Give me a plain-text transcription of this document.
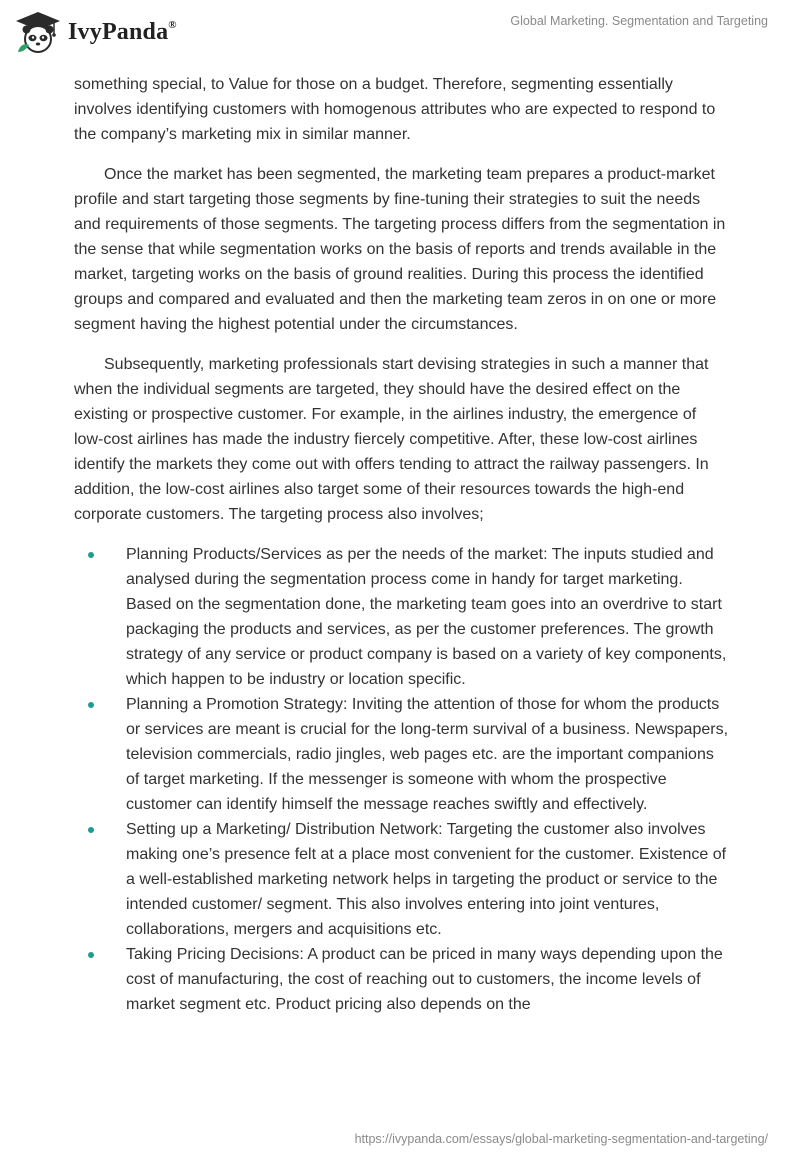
IvyPanda®	Global Marketing. Segmentation and Targeting

something special, to Value for those on a budget. Therefore, segmenting essentially involves identifying customers with homogenous attributes who are expected to respond to the company’s marketing mix in similar manner.

Once the market has been segmented, the marketing team prepares a product-market profile and start targeting those segments by fine-tuning their strategies to suit the needs and requirements of those segments. The targeting process differs from the segmentation in the sense that while segmentation works on the basis of reports and trends available in the market, targeting works on the basis of ground realities. During this process the identified groups and compared and evaluated and then the marketing team zeros in on one or more segment having the highest potential under the circumstances.

Subsequently, marketing professionals start devising strategies in such a manner that when the individual segments are targeted, they should have the desired effect on the existing or prospective customer. For example, in the airlines industry, the emergence of low-cost airlines has made the industry fiercely competitive. After, these low-cost airlines identify the markets they come out with offers tending to attract the railway passengers. In addition, the low-cost airlines also target some of their resources towards the high-end corporate customers. The targeting process also involves;

Planning Products/Services as per the needs of the market: The inputs studied and analysed during the segmentation process come in handy for target marketing. Based on the segmentation done, the marketing team goes into an overdrive to start packaging the products and services, as per the customer preferences. The growth strategy of any service or product company is based on a variety of key components, which happen to be industry or location specific.
Planning a Promotion Strategy: Inviting the attention of those for whom the products or services are meant is crucial for the long-term survival of a business. Newspapers, television commercials, radio jingles, web pages etc. are the important companions of target marketing. If the messenger is someone with whom the prospective customer can identify himself the message reaches swiftly and effectively.
Setting up a Marketing/ Distribution Network: Targeting the customer also involves making one’s presence felt at a place most convenient for the customer. Existence of a well-established marketing network helps in targeting the product or service to the intended customer/ segment. This also involves entering into joint ventures, collaborations, mergers and acquisitions etc.
Taking Pricing Decisions: A product can be priced in many ways depending upon the cost of manufacturing, the cost of reaching out to customers, the income levels of market segment etc. Product pricing also depends on the
https://ivypanda.com/essays/global-marketing-segmentation-and-targeting/
